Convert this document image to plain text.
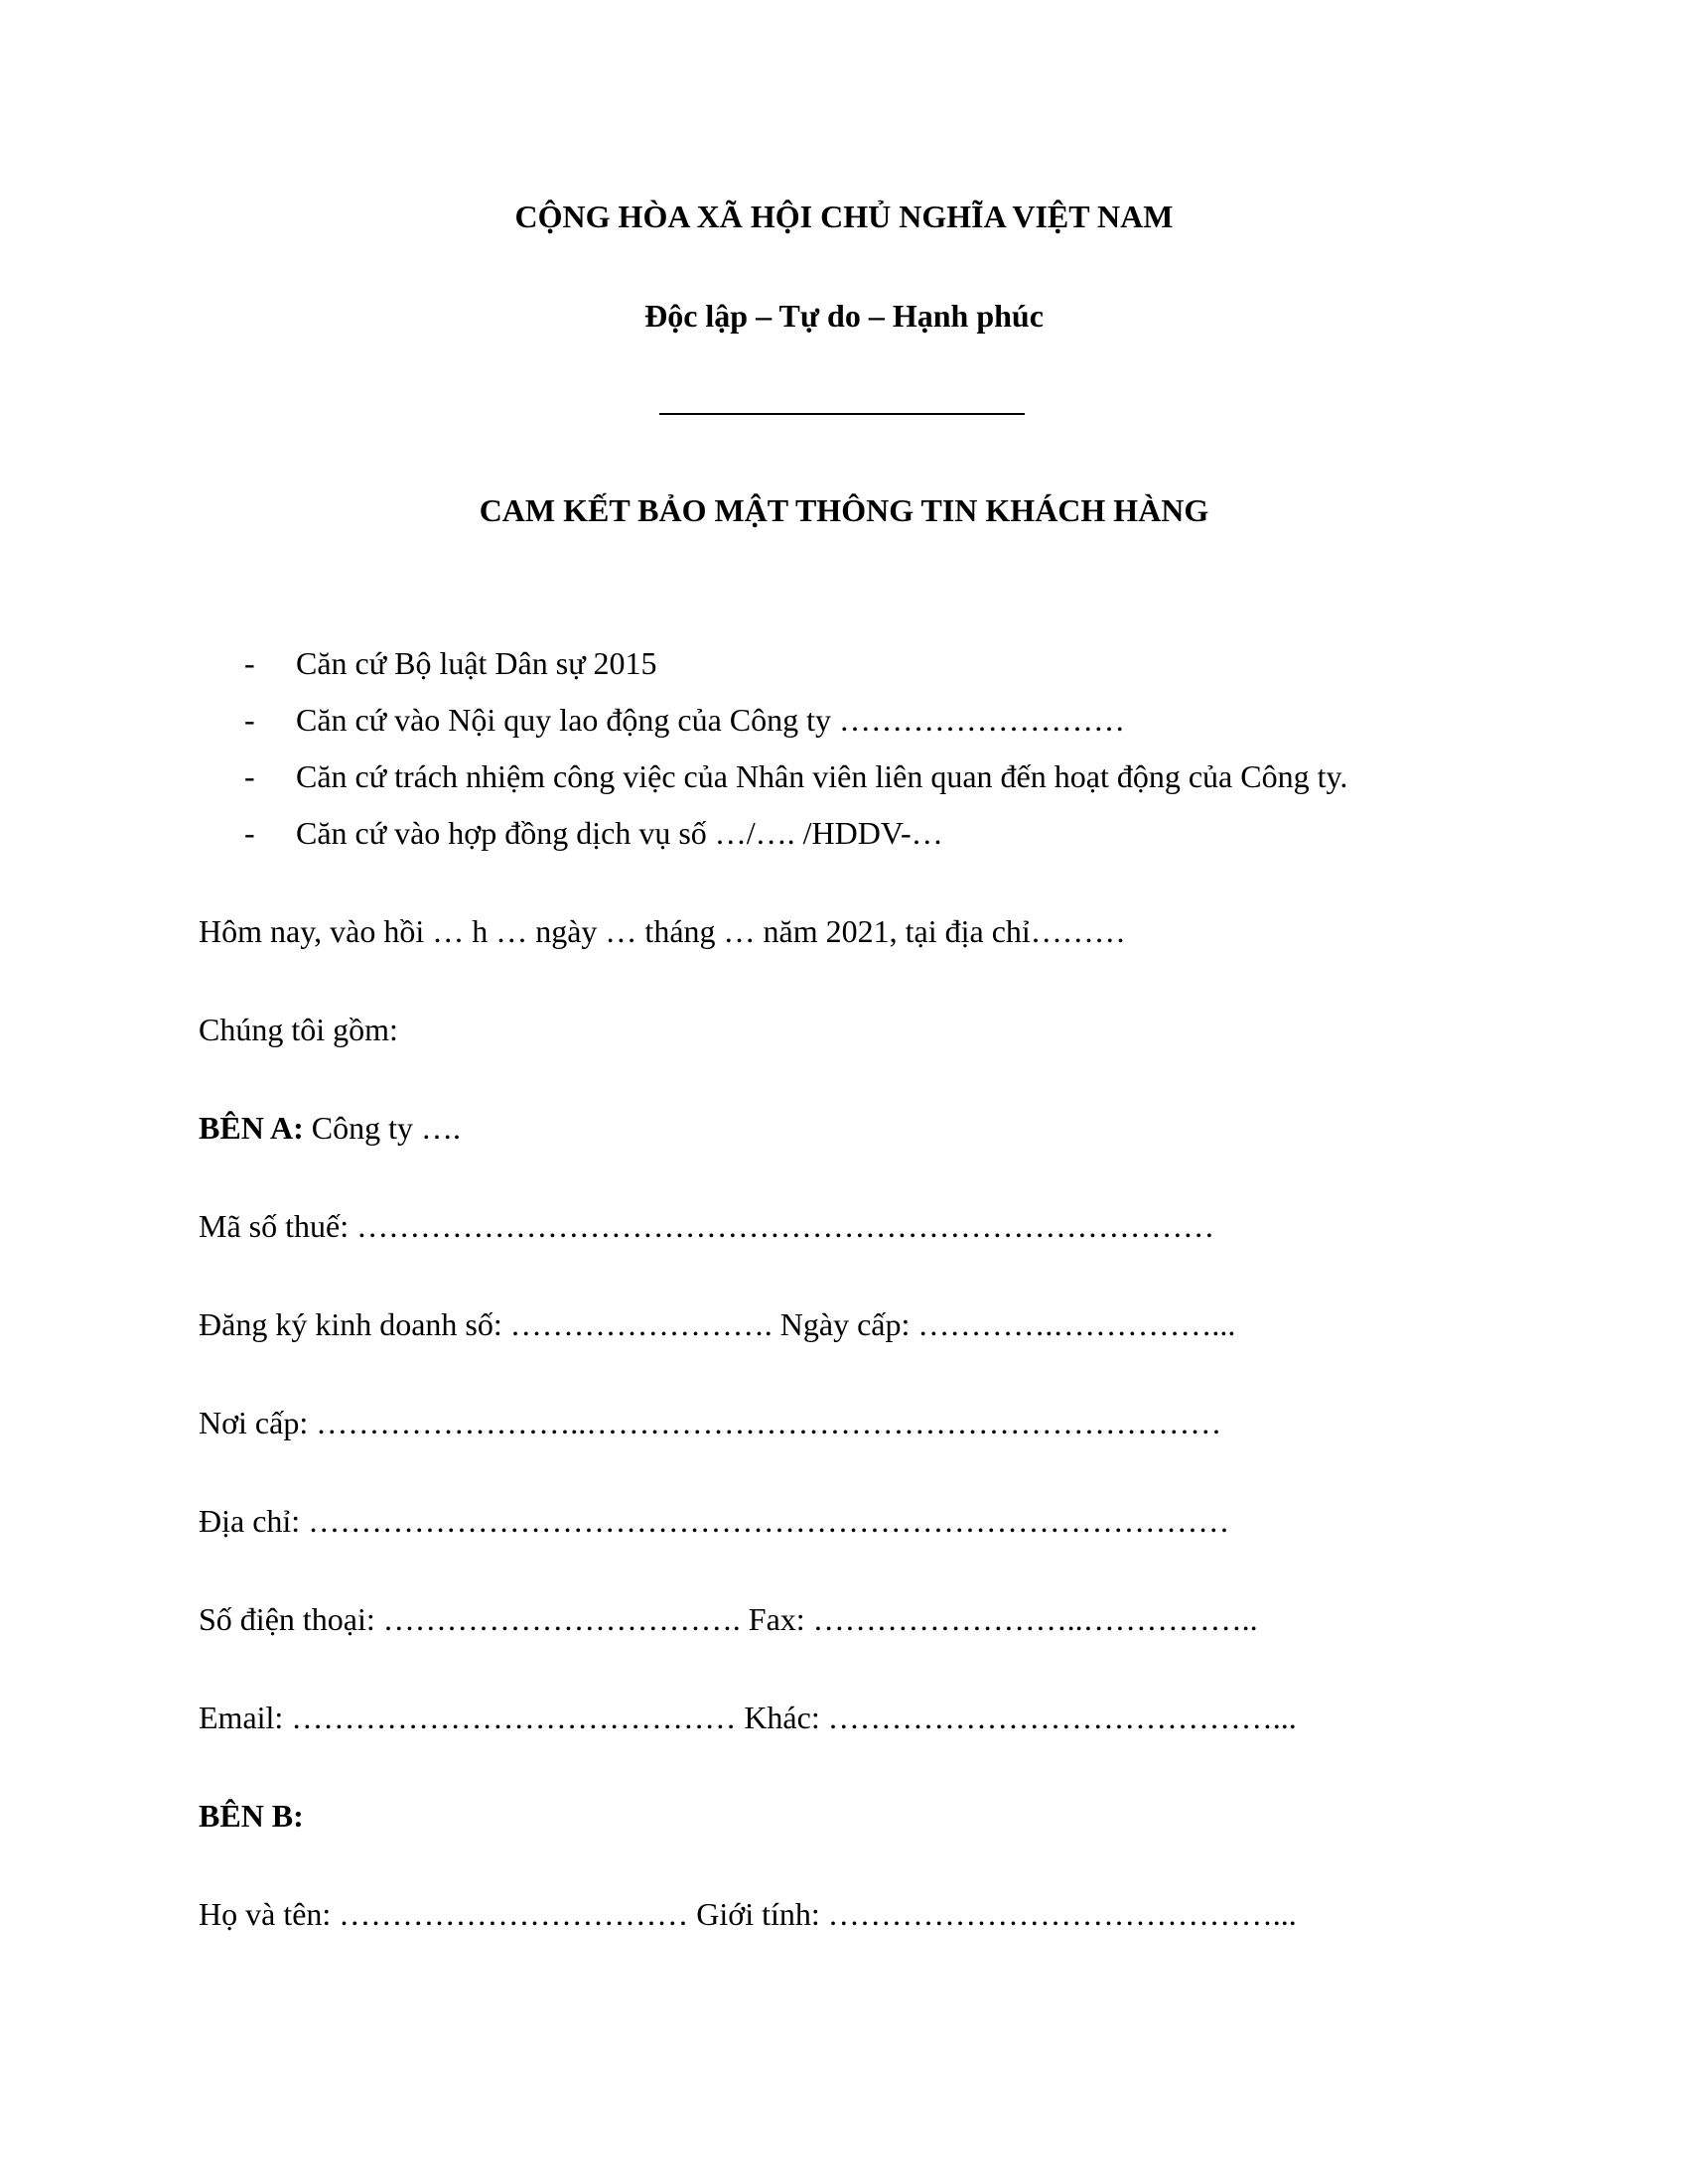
CỘNG HÒA XÃ HỘI CHỦ NGHĨA VIỆT NAM
Độc lập – Tự do – Hạnh phúc
CAM KẾT BẢO MẬT THÔNG TIN KHÁCH HÀNG
- Căn cứ Bộ luật Dân sự 2015
- Căn cứ vào Nội quy lao động của Công ty ………………………
- Căn cứ trách nhiệm công việc của Nhân viên liên quan đến hoạt động của Công ty.
- Căn cứ vào hợp đồng dịch vụ số …/…. /HDDV-…
Hôm nay, vào hồi … h … ngày … tháng … năm 2021, tại địa chỉ………
Chúng tôi gồm:
BÊN A: Công ty ….
Mã số thuế: ………………………………………………………………………
Đăng ký kinh doanh số: ……………………. Ngày cấp: ………….……………...
Nơi cấp: ……………………..……………………………………………………
Địa chỉ: ……………………………………………………………………………
Số điện thoại: ……………………………. Fax: ……………………..……………..
Email: …………………………………… Khác: ……………………………………...
BÊN B:
Họ và tên: …………………………… Giới tính: ……………………………………...
